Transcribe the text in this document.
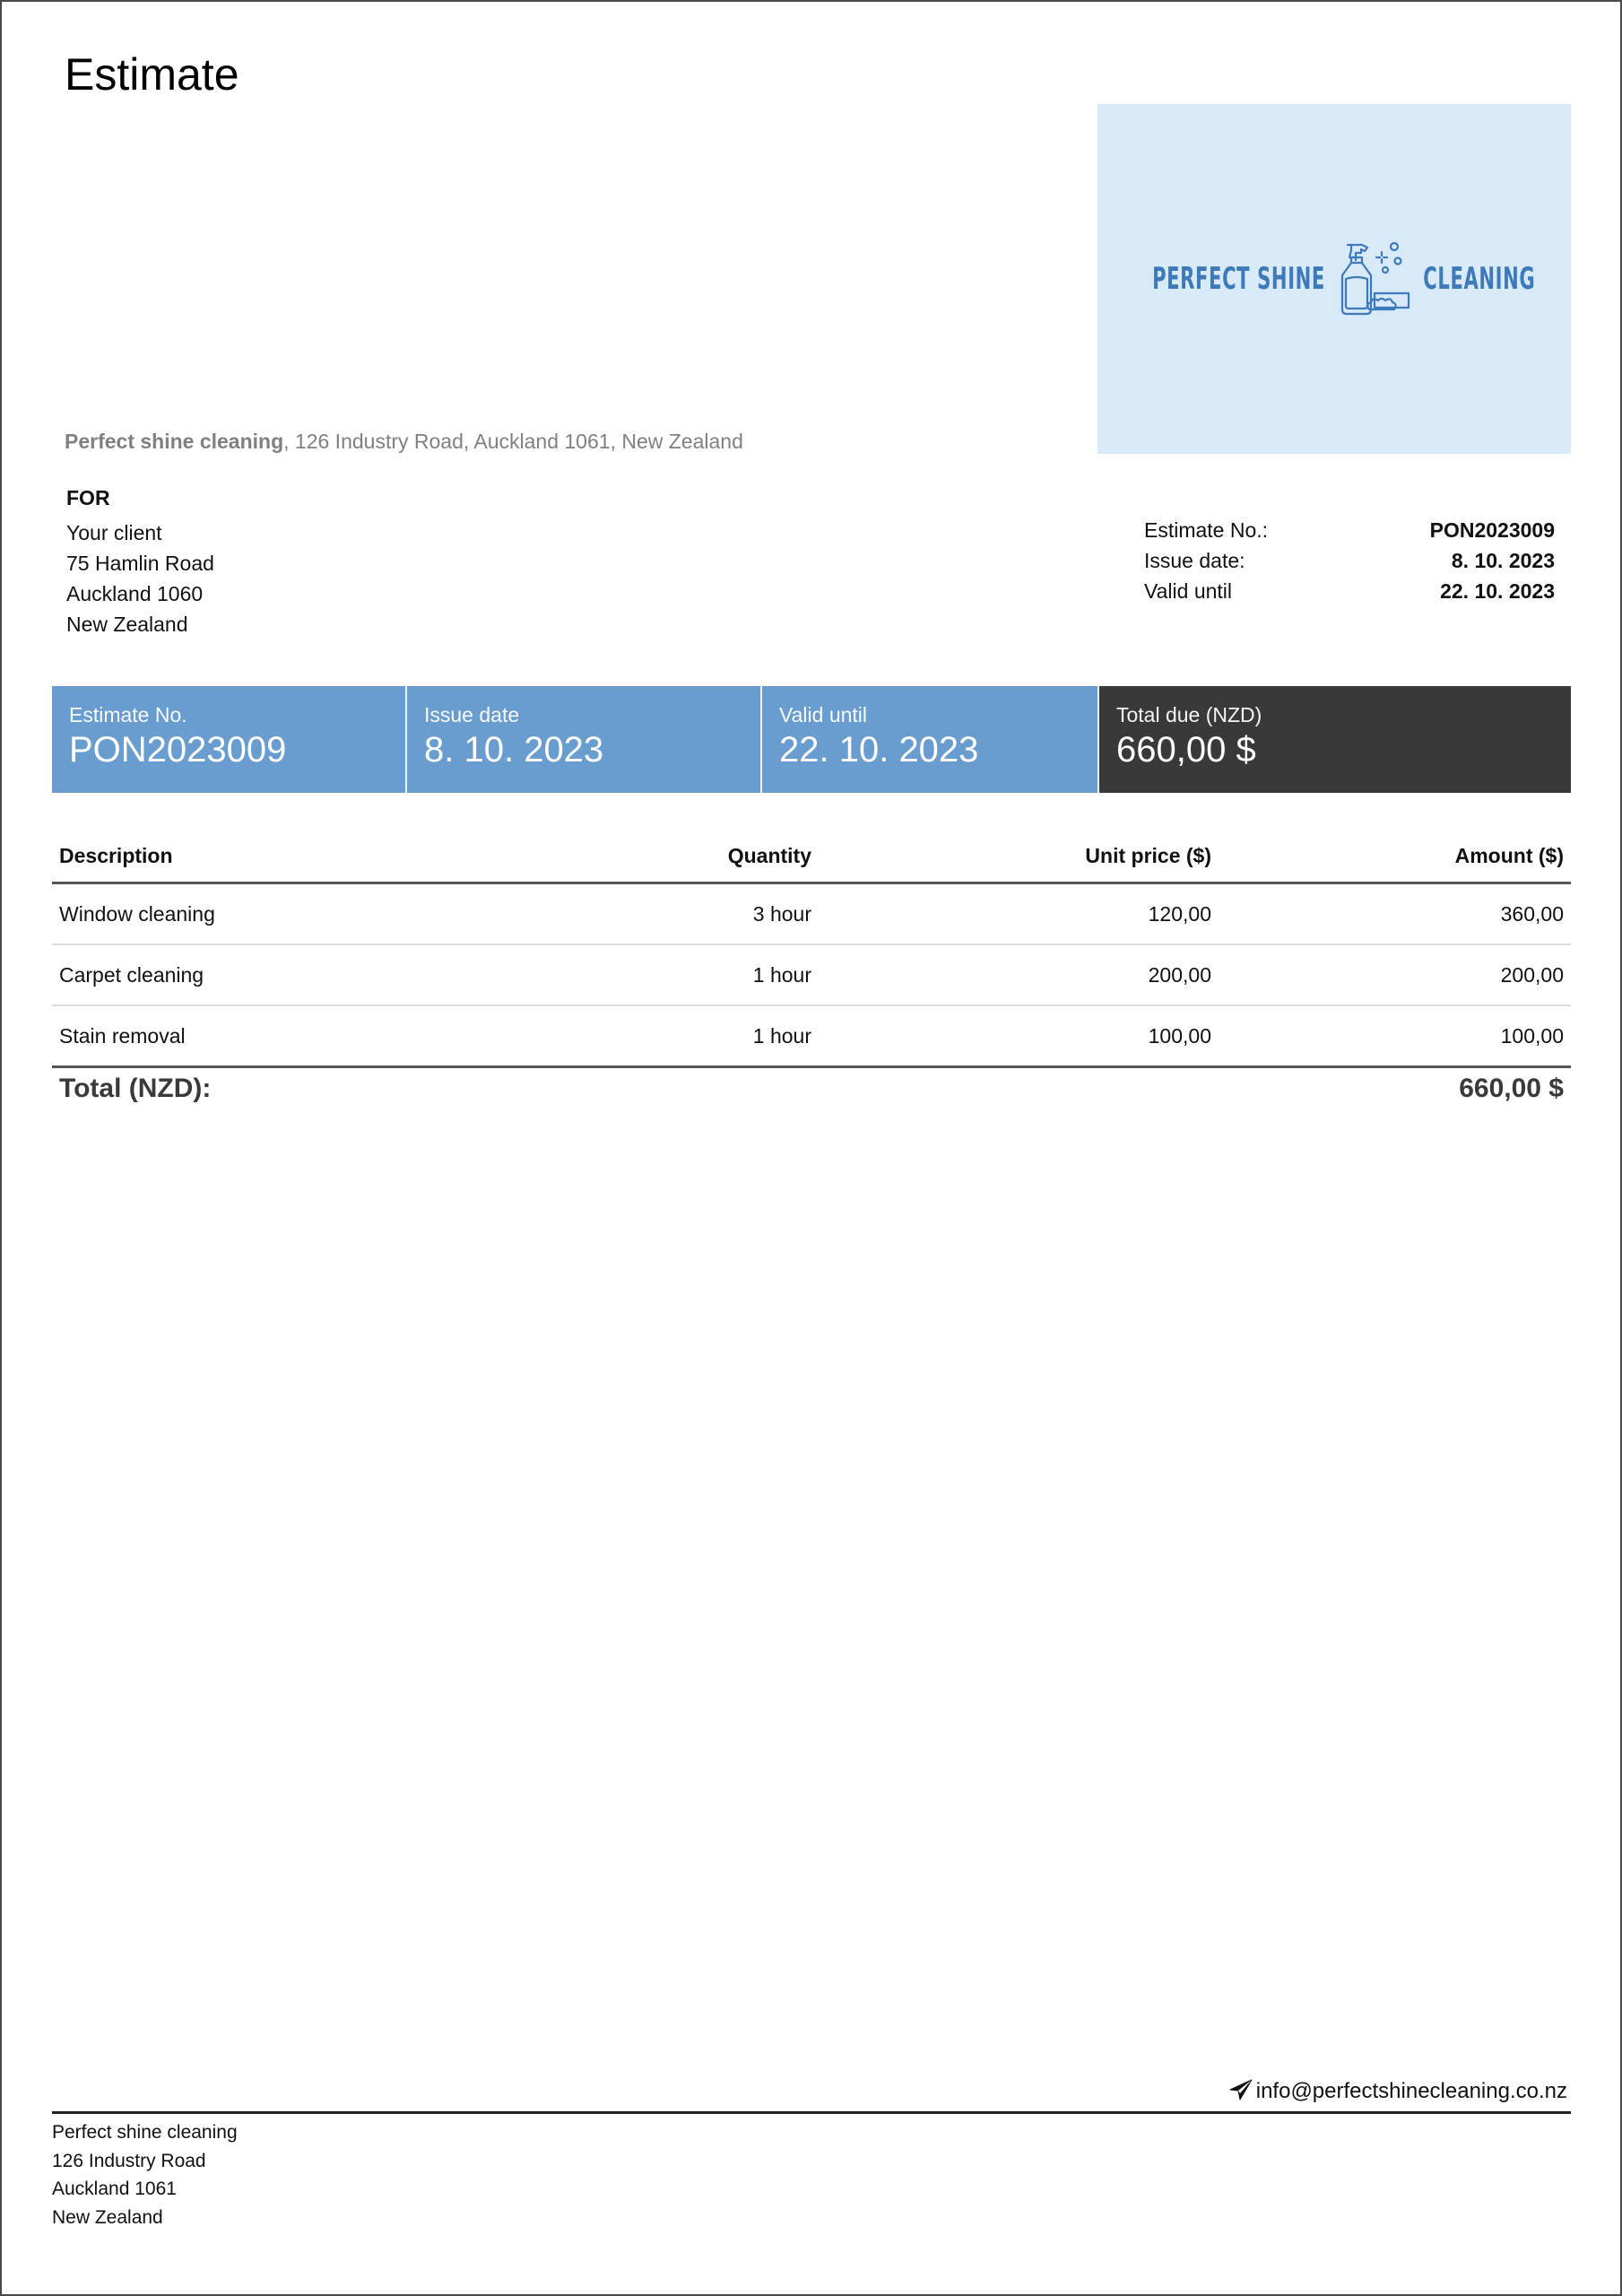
Estimate
PERFECT SHINE	CLEANING
Perfect shine cleaning, 126 Industry Road, Auckland 1061, New Zealand
FOR
Your client
75 Hamlin Road
Auckland 1060
New Zealand
Estimate No.:	PON2023009
Issue date:	8. 10. 2023
Valid until	22. 10. 2023
Estimate No.
PON2023009
Issue date
8. 10. 2023
Valid until
22. 10. 2023
Total due (NZD)
660,00 $
Description	Quantity	Unit price ($)	Amount ($)
Window cleaning	3 hour	120,00	360,00
Carpet cleaning	1 hour	200,00	200,00
Stain removal	1 hour	100,00	100,00
Total (NZD):			660,00 $
info@perfectshinecleaning.co.nz
Perfect shine cleaning
126 Industry Road
Auckland 1061
New Zealand
